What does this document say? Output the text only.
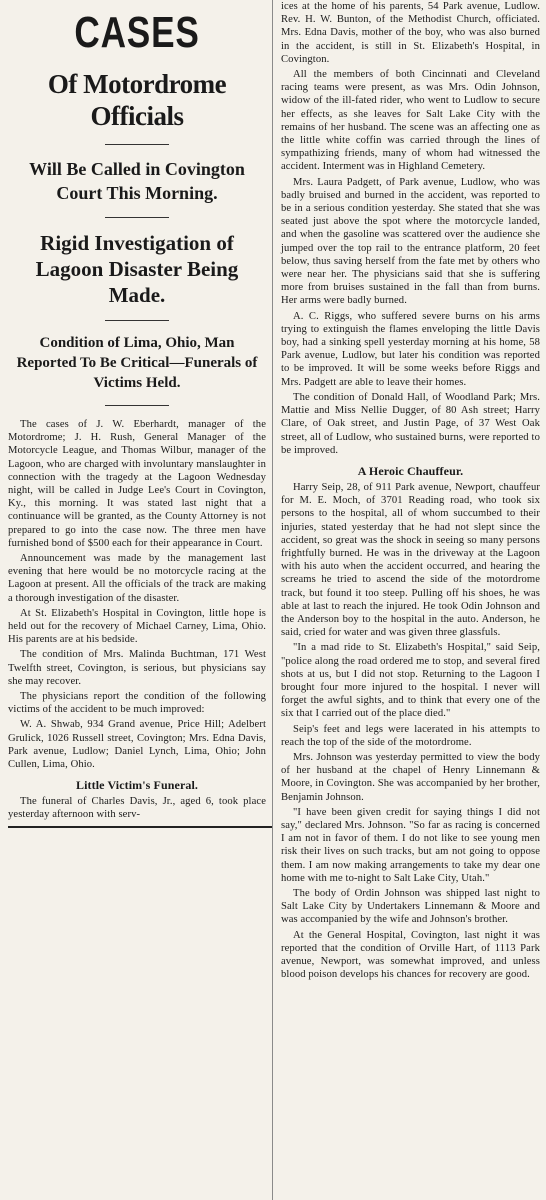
CASES
Of Motordrome Officials
Will Be Called in Covington Court This Morning.
Rigid Investigation of Lagoon Disaster Being Made.
Condition of Lima, Ohio, Man Reported To Be Critical—Funerals of Victims Held.

The cases of J. W. Eberhardt, manager of the Motordrome; J. H. Rush, General Manager of the Motorcycle League, and Thomas Wilbur, manager of the Lagoon, who are charged with involuntary manslaughter in connection with the tragedy at the Lagoon Wednesday night, will be called in Judge Lee's Court in Covington, Ky., this morning. It was stated last night that a continuance will be granted, as the County Attorney is not prepared to go into the case now. The three men have furnished bond of $500 each for their appearance in Court.

Announcement was made by the management last evening that here would be no motorcycle racing at the Lagoon at present. All the officials of the track are making a thorough investigation of the disaster.

At St. Elizabeth's Hospital in Covington, little hope is held out for the recovery of Michael Carney, Lima, Ohio. His parents are at his bedside.

The condition of Mrs. Malinda Buchtman, 171 West Twelfth street, Covington, is serious, but physicians say she may recover.

The physicians report the condition of the following victims of the accident to be much improved:

W. A. Shwab, 934 Grand avenue, Price Hill; Adelbert Grulick, 1026 Russell street, Covington; Mrs. Edna Davis, Park avenue, Ludlow; Daniel Lynch, Lima, Ohio; John Cullen, Lima, Ohio.

Little Victim's Funeral.

The funeral of Charles Davis, Jr., aged 6, took place yesterday afternoon with serv-

ices at the home of his parents, 54 Park avenue, Ludlow. Rev. H. W. Bunton, of the Methodist Church, officiated. Mrs. Edna Davis, mother of the boy, who was also burned in the accident, is still in St. Elizabeth's Hospital, in Covington.

All the members of both Cincinnati and Cleveland racing teams were present, as was Mrs. Odin Johnson, widow of the ill-fated rider, who went to Ludlow to secure her effects, as she leaves for Salt Lake City with the remains of her husband. The scene was an affecting one as the little white coffin was carried through the lines of sympathizing friends, many of whom had witnessed the accident. Interment was in Highland Cemetery.

Mrs. Laura Padgett, of Park avenue, Ludlow, who was badly bruised and burned in the accident, was reported to be in a serious condition yesterday. She stated that she was seated just above the spot where the motorcycle landed, and when the gasoline was scattered over the audience she jumped over the top rail to the entrance platform, 20 feet below, thus saving herself from the fate met by others who were near her. The physicians said that she is suffering more from bruises sustained in the fall than from burns. Her arms were badly burned.

A. C. Riggs, who suffered severe burns on his arms trying to extinguish the flames enveloping the little Davis boy, had a sinking spell yesterday morning at his home, 58 Park avenue, Ludlow, but later his condition was reported to be improved. It will be some weeks before Riggs and Mrs. Padgett are able to leave their homes.

The condition of Donald Hall, of Woodland Park; Mrs. Mattie and Miss Nellie Dugger, of 80 Ash street; Harry Clare, of Oak street, and Justin Page, of 37 West Oak street, all of Ludlow, who sustained burns, were reported to be improved.

A Heroic Chauffeur.

Harry Seip, 28, of 911 Park avenue, Newport, chauffeur for M. E. Moch, of 3701 Reading road, who took six persons to the hospital, all of whom succumbed to their injuries, stated yesterday that he had not slept since the accident, so great was the shock in seeing so many persons frightfully burned. He was in the driveway at the Lagoon with his auto when the accident occurred, and hearing the screams he tried to ascend the side of the motordrome track, but found it too steep. Pulling off his shoes, he was able at last to reach the injured. He took Odin Johnson and the Anderson boy to the hospital in the auto. Anderson, he said, cried for water and was given three glassfuls.

"In a mad ride to St. Elizabeth's Hospital," said Seip, "police along the road ordered me to stop, and several fired shots at us, but I did not stop. Returning to the Lagoon I brought four more injured to the hospital. I never will forget the awful sights, and to think that every one of the six that I carried out of the place died."

Seip's feet and legs were lacerated in his attempts to reach the top of the side of the motordrome.

Mrs. Johnson was yesterday permitted to view the body of her husband at the chapel of Henry Linnemann & Moore, in Covington. She was accompanied by her brother, Benjamin Johnson.

"I have been given credit for saying things I did not say," declared Mrs. Johnson. "So far as racing is concerned I am not in favor of them. I do not like to see young men risk their lives on such tracks, but am not going to oppose them. I am now making arrangements to take my dear one home with me to-night to Salt Lake City, Utah."

The body of Ordin Johnson was shipped last night to Salt Lake City by Undertakers Linnemann & Moore and was accompanied by the wife and Johnson's brother.

At the General Hospital, Covington, last night it was reported that the condition of Orville Hart, of 1113 Park avenue, Newport, was somewhat improved, and unless blood poison develops his chances for recovery are good.
